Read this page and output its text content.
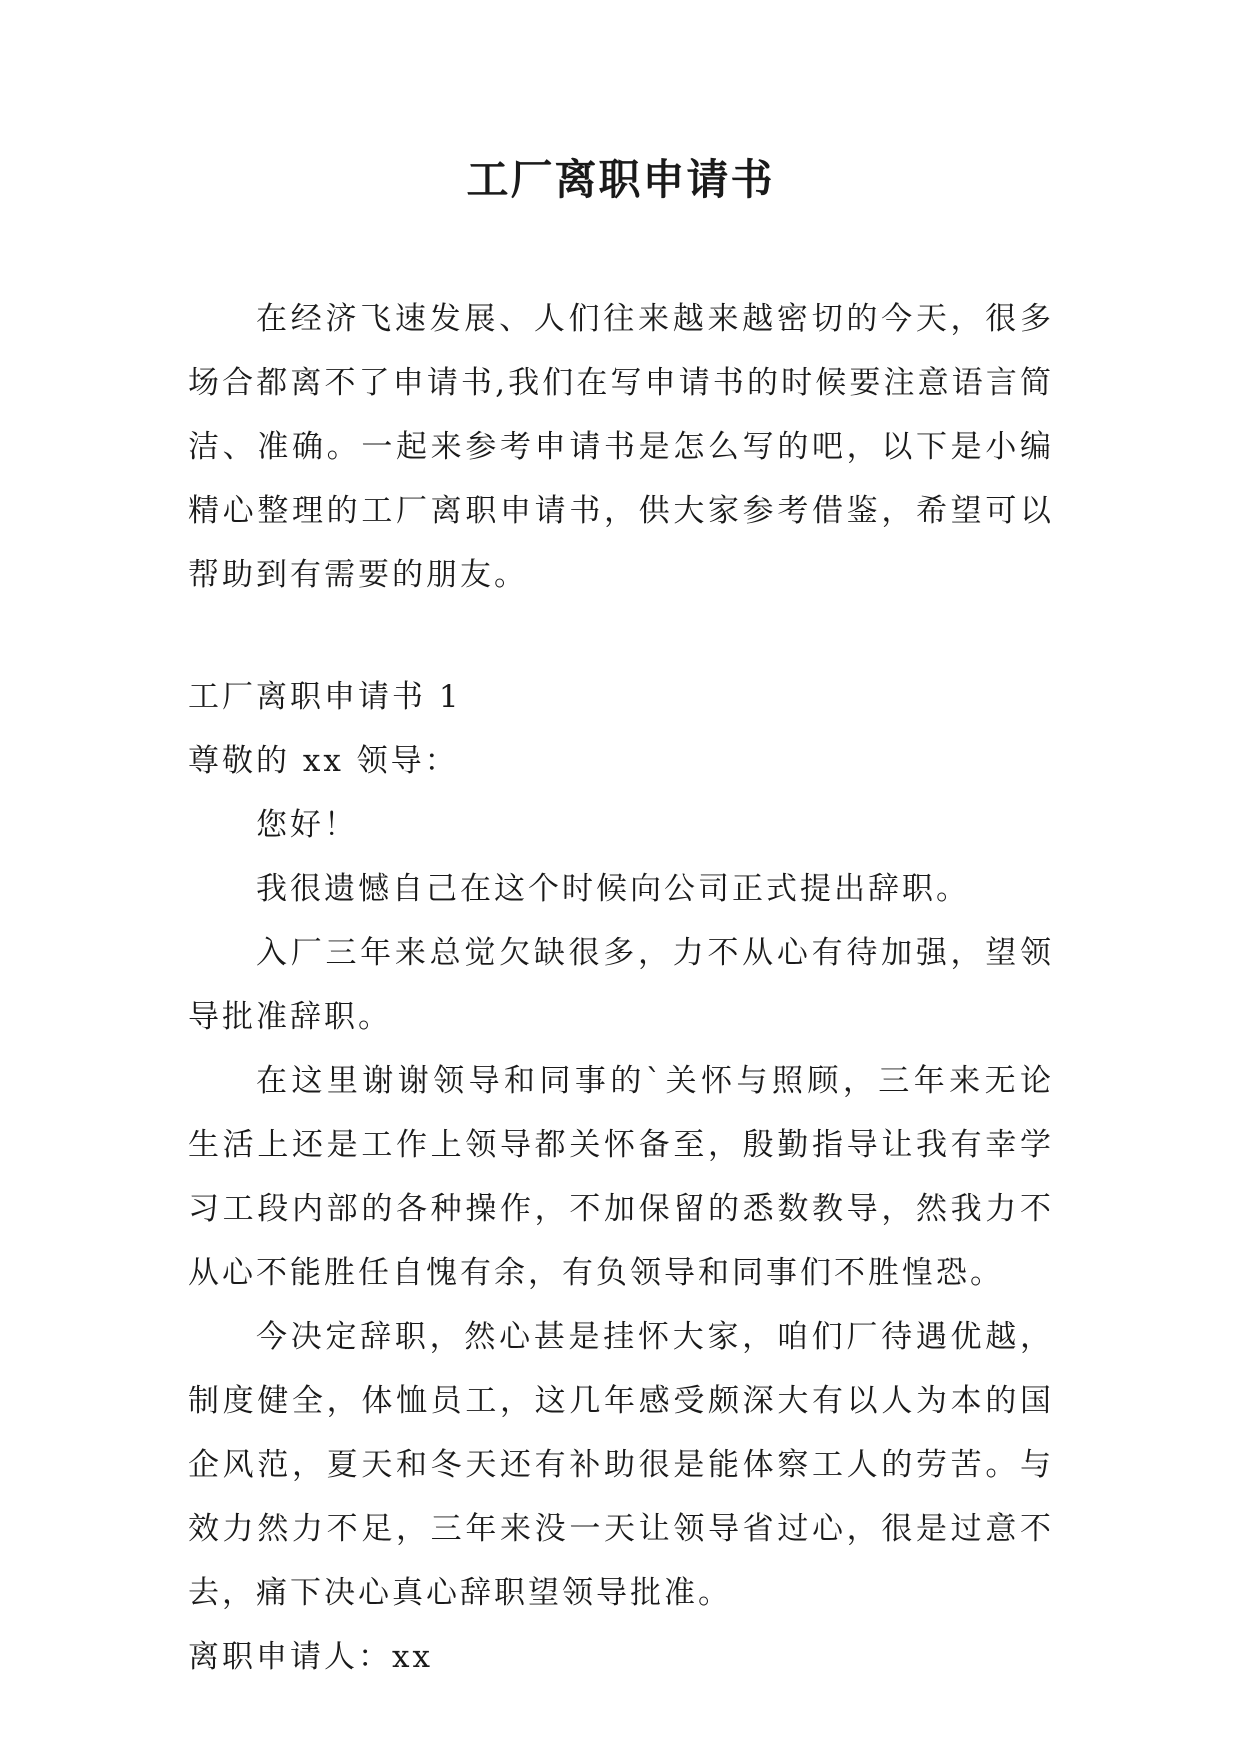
工厂离职申请书

在经济飞速发展、人们往来越来越密切的今天，很多场合都离不了申请书,我们在写申请书的时候要注意语言简洁、准确。一起来参考申请书是怎么写的吧，以下是小编精心整理的工厂离职申请书，供大家参考借鉴，希望可以帮助到有需要的朋友。

工厂离职申请书 1

尊敬的 xx 领导：

您好！

我很遗憾自己在这个时候向公司正式提出辞职。

入厂三年来总觉欠缺很多，力不从心有待加强，望领导批准辞职。

在这里谢谢领导和同事的`关怀与照顾，三年来无论生活上还是工作上领导都关怀备至，殷勤指导让我有幸学习工段内部的各种操作，不加保留的悉数教导，然我力不从心不能胜任自愧有余，有负领导和同事们不胜惶恐。

今决定辞职，然心甚是挂怀大家，咱们厂待遇优越，制度健全，体恤员工，这几年感受颇深大有以人为本的国企风范，夏天和冬天还有补助很是能体察工人的劳苦。与效力然力不足，三年来没一天让领导省过心，很是过意不去，痛下决心真心辞职望领导批准。

离职申请人：xx
